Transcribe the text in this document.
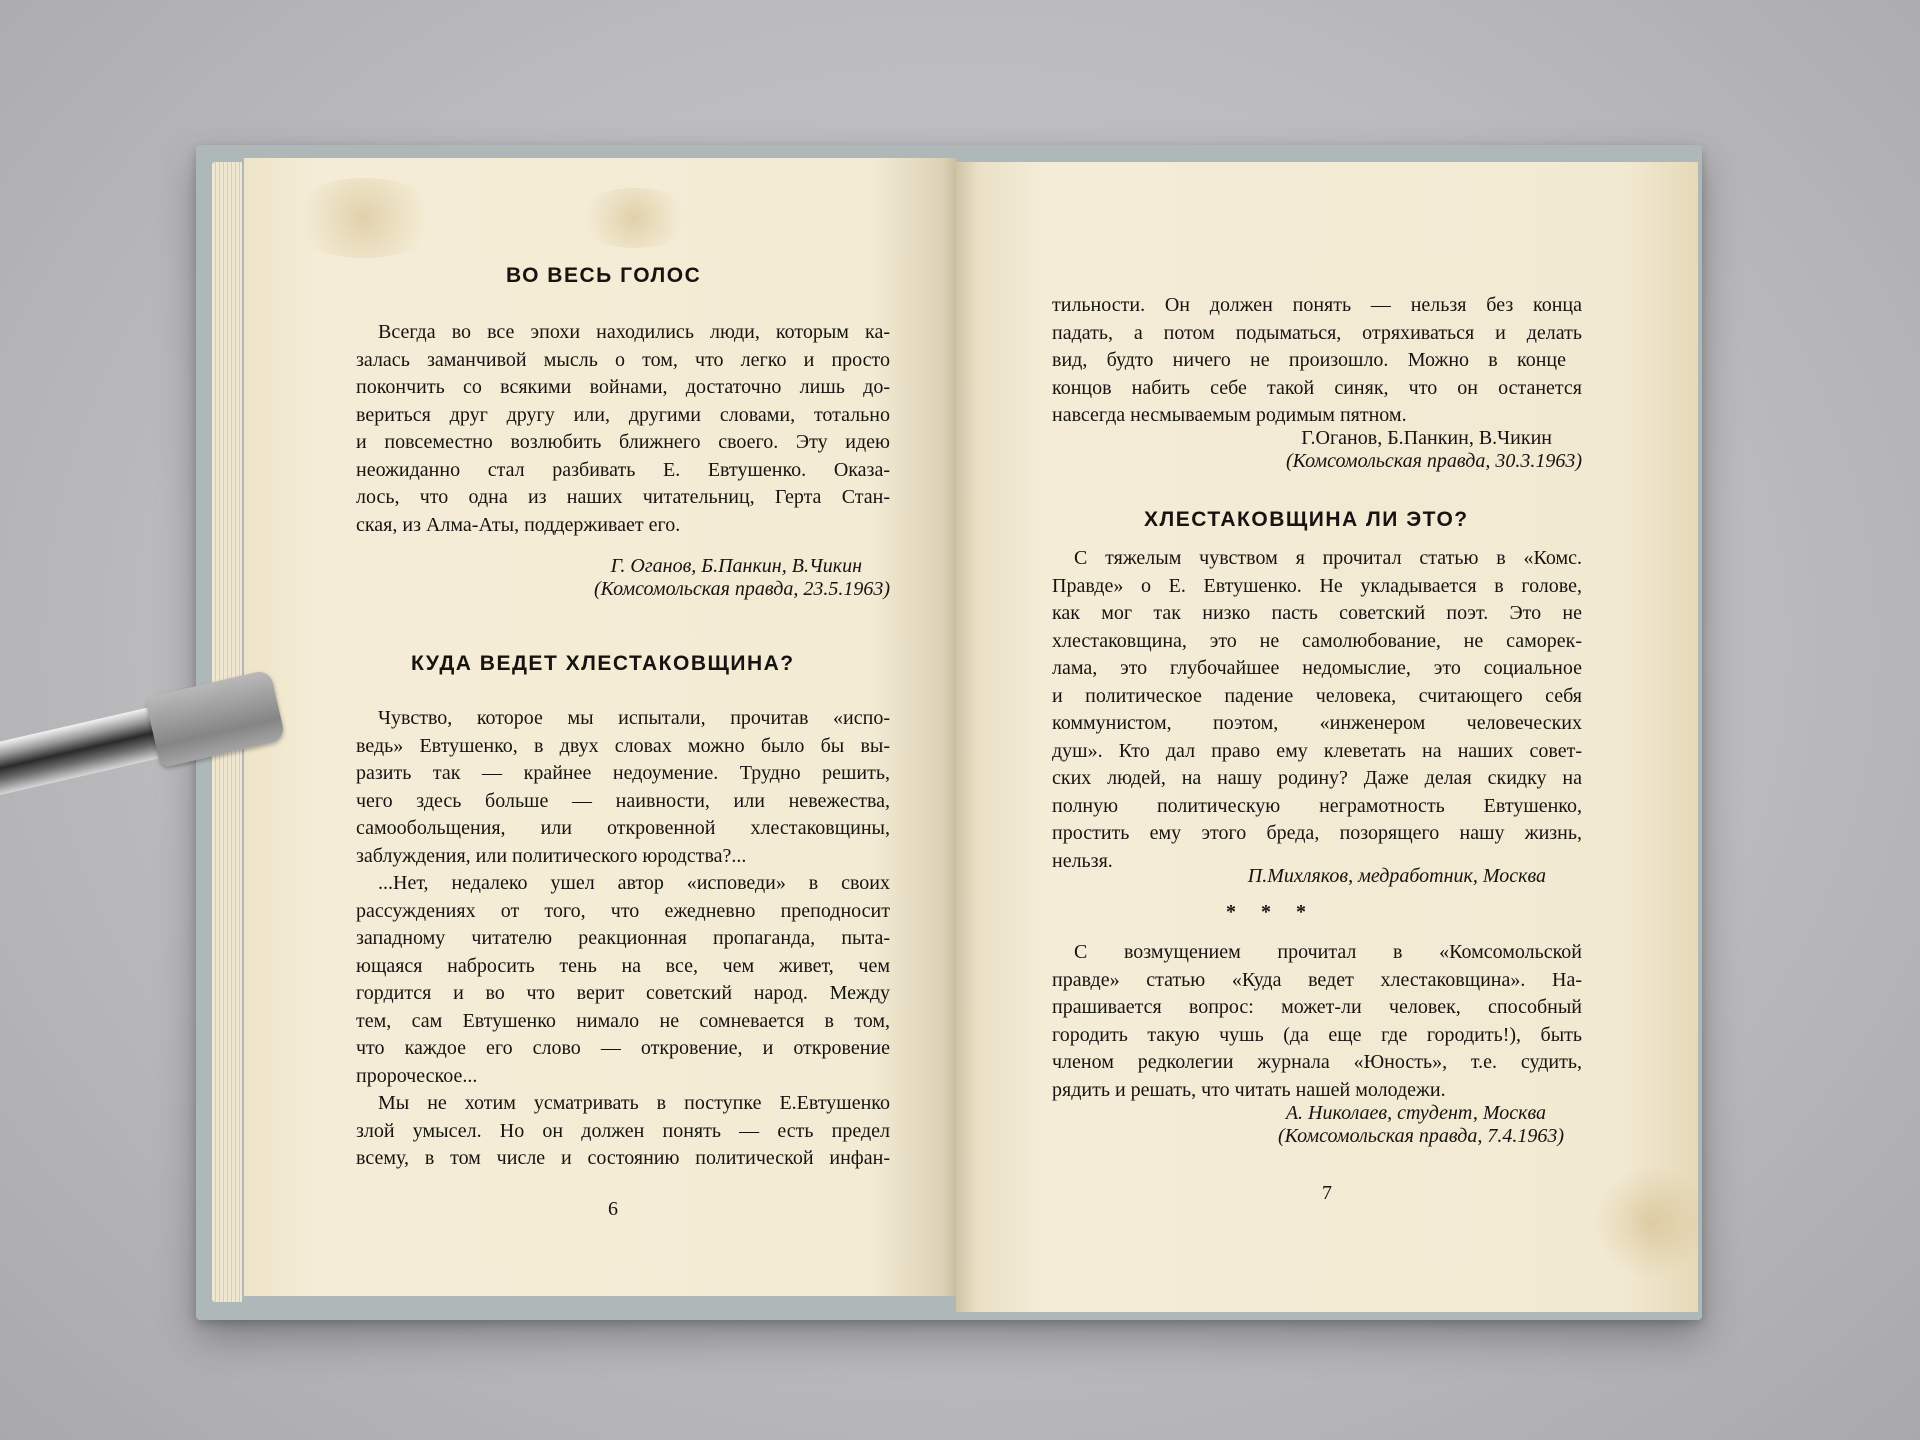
ВО ВЕСЬ ГОЛОС
Всегда во все эпохи находились люди, которым ка-
залась заманчивой мысль о том, что легко и просто
покончить со всякими войнами, достаточно лишь до-
вериться друг другу или, другими словами, тотально
и повсеместно возлюбить ближнего своего. Эту идею
неожиданно стал разбивать Е. Евтушенко. Оказа-
лось, что одна из наших читательниц, Герта Стан-
ская, из Алма-Аты, поддерживает его.
Г. Оганов, Б.Панкин, В.Чикин
(Комсомольская правда, 23.5.1963)
КУДА ВЕДЕТ ХЛЕСТАКОВЩИНА?
Чувство, которое мы испытали, прочитав «испо-
ведь» Евтушенко, в двух словах можно было бы вы-
разить так — крайнее недоумение. Трудно решить,
чего здесь больше — наивности, или невежества,
самообольщения, или откровенной хлестаковщины,
заблуждения, или политического юродства?...
...Нет, недалеко ушел автор «исповеди» в своих
рассуждениях от того, что ежедневно преподносит
западному читателю реакционная пропаганда, пыта-
ющаяся набросить тень на все, чем живет, чем
гордится и во что верит советский народ. Между
тем, сам Евтушенко нимало не сомневается в том,
что каждое его слово — откровение, и откровение
пророческое...
Мы не хотим усматривать в поступке Е.Евтушенко
злой умысел. Но он должен понять — есть предел
всему, в том числе и состоянию политической инфан-
6
тильности. Он должен понять — нельзя без конца
падать, а потом подыматься, отряхиваться и делать
вид, будто ничего не произошло. Можно в конце
концов набить себе такой синяк, что он останется
навсегда несмываемым родимым пятном.
Г.Оганов, Б.Панкин, В.Чикин
(Комсомольская правда, 30.3.1963)
ХЛЕСТАКОВЩИНА ЛИ ЭТО?
С тяжелым чувством я прочитал статью в «Комс.
Правде» о Е. Евтушенко. Не укладывается в голове,
как мог так низко пасть советский поэт. Это не
хлестаковщина, это не самолюбование, не саморек-
лама, это глубочайшее недомыслие, это социальное
и политическое падение человека, считающего себя
коммунистом, поэтом, «инженером человеческих
душ». Кто дал право ему клеветать на наших совет-
ских людей, на нашу родину? Даже делая скидку на
полную политическую неграмотность Евтушенко,
простить ему этого бреда, позорящего нашу жизнь,
нельзя.
П.Михляков, медработник, Москва
*     *     *
С возмущением прочитал в «Комсомольской
правде» статью «Куда ведет хлестаковщина». На-
прашивается вопрос: может-ли человек, способный
городить такую чушь (да еще где городить!), быть
членом редколегии журнала «Юность», т.е. судить,
рядить и решать, что читать нашей молодежи.
А. Николаев, студент, Москва
(Комсомольская правда, 7.4.1963)
7
